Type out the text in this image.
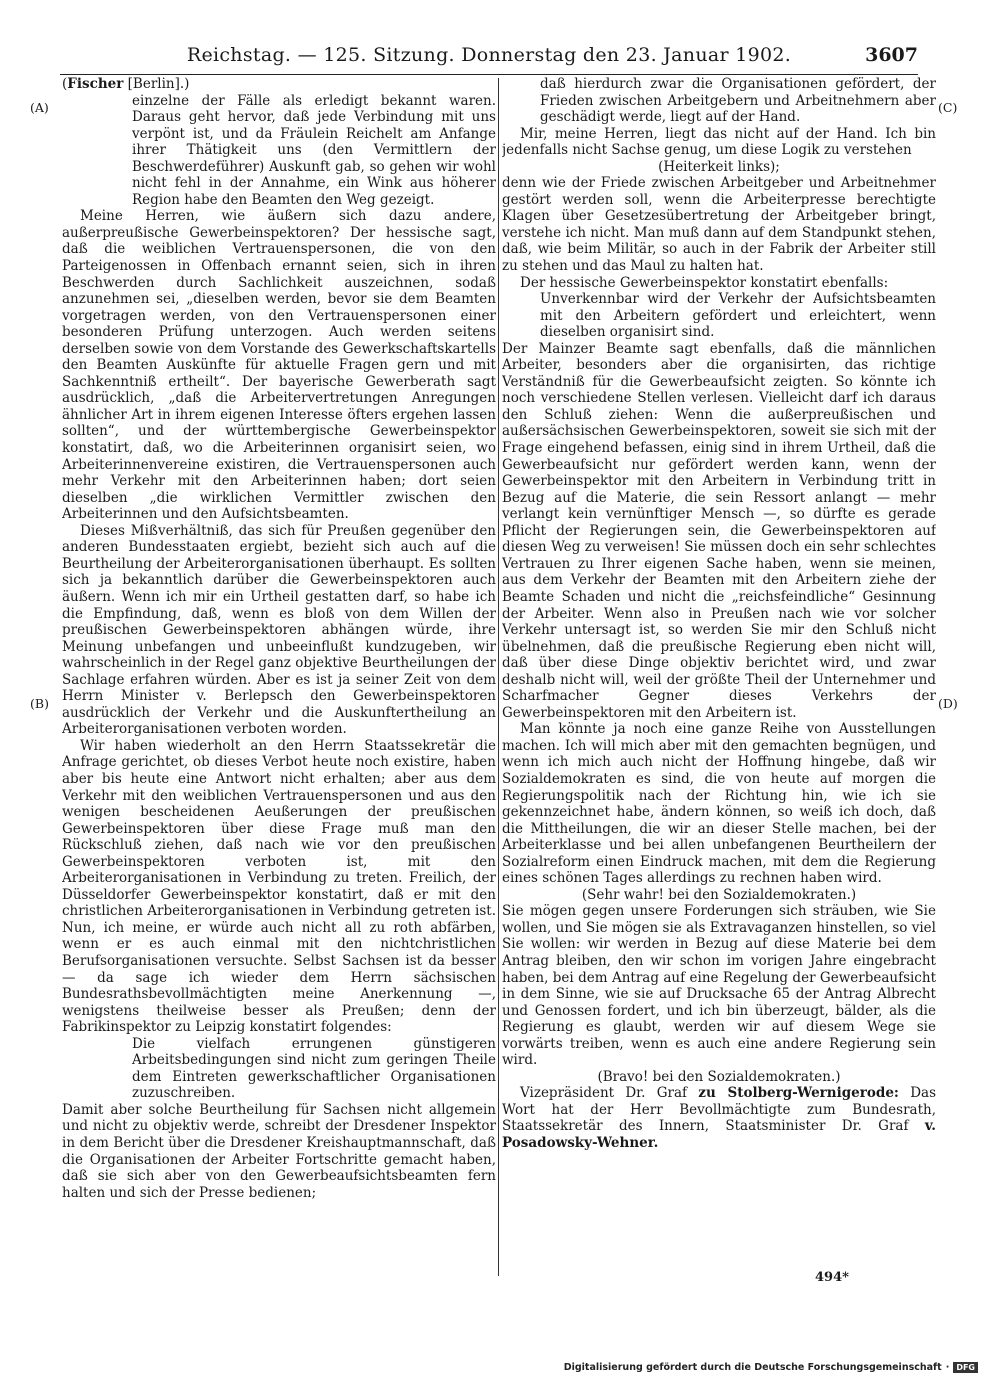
Reichstag. — 125. Sitzung. Donnerstag den 23. Januar 1902.	3607
(A)
(B)
(C)
(D)

(Fischer [Berlin].)

einzelne der Fälle als erledigt bekannt waren. Daraus geht hervor, daß jede Verbindung mit uns verpönt ist, und da Fräulein Reichelt am Anfange ihrer Thätigkeit uns (den Vermittlern der Beschwerdeführer) Auskunft gab, so gehen wir wohl nicht fehl in der Annahme, ein Wink aus höherer Region habe den Beamten den Weg gezeigt.

Meine Herren, wie äußern sich dazu andere, außerpreußische Gewerbeinspektoren? Der hessische sagt, daß die weiblichen Vertrauenspersonen, die von den Parteigenossen in Offenbach ernannt seien, sich in ihren Beschwerden durch Sachlichkeit auszeichnen, sodaß anzunehmen sei, „dieselben werden, bevor sie dem Beamten vorgetragen werden, von den Vertrauenspersonen einer besonderen Prüfung unterzogen. Auch werden seitens derselben sowie von dem Vorstande des Gewerkschaftskartells den Beamten Auskünfte für aktuelle Fragen gern und mit Sachkenntniß ertheilt“. Der bayerische Gewerberath sagt ausdrücklich, „daß die Arbeitervertretungen Anregungen ähnlicher Art in ihrem eigenen Interesse öfters ergehen lassen sollten“, und der württembergische Gewerbeinspektor konstatirt, daß, wo die Arbeiterinnen organisirt seien, wo Arbeiterinnenvereine existiren, die Vertrauenspersonen auch mehr Verkehr mit den Arbeiterinnen haben; dort seien dieselben „die wirklichen Vermittler zwischen den Arbeiterinnen und den Aufsichtsbeamten.

Dieses Mißverhältniß, das sich für Preußen gegenüber den anderen Bundesstaaten ergiebt, bezieht sich auch auf die Beurtheilung der Arbeiterorganisationen überhaupt. Es sollten sich ja bekanntlich darüber die Gewerbeinspektoren auch äußern. Wenn ich mir ein Urtheil gestatten darf, so habe ich die Empfindung, daß, wenn es bloß von dem Willen der preußischen Gewerbeinspektoren abhängen würde, ihre Meinung unbefangen und unbeeinflußt kundzugeben, wir wahrscheinlich in der Regel ganz objektive Beurtheilungen der Sachlage erfahren würden. Aber es ist ja seiner Zeit von dem Herrn Minister v. Berlepsch den Gewerbeinspektoren ausdrücklich der Verkehr und die Auskunftertheilung an Arbeiterorganisationen verboten worden.

Wir haben wiederholt an den Herrn Staatssekretär die Anfrage gerichtet, ob dieses Verbot heute noch existire, haben aber bis heute eine Antwort nicht erhalten; aber aus dem Verkehr mit den weiblichen Vertrauenspersonen und aus den wenigen bescheidenen Aeußerungen der preußischen Gewerbeinspektoren über diese Frage muß man den Rückschluß ziehen, daß nach wie vor den preußischen Gewerbeinspektoren verboten ist, mit den Arbeiterorganisationen in Verbindung zu treten. Freilich, der Düsseldorfer Gewerbeinspektor konstatirt, daß er mit den christlichen Arbeiterorganisationen in Verbindung getreten ist. Nun, ich meine, er würde auch nicht all zu roth abfärben, wenn er es auch einmal mit den nichtchristlichen Berufsorganisationen versuchte. Selbst Sachsen ist da besser — da sage ich wieder dem Herrn sächsischen Bundesrathsbevollmächtigten meine Anerkennung —, wenigstens theilweise besser als Preußen; denn der Fabrikinspektor zu Leipzig konstatirt folgendes:

Die vielfach errungenen günstigeren Arbeitsbedingungen sind nicht zum geringen Theile dem Eintreten gewerkschaftlicher Organisationen zuzuschreiben.

Damit aber solche Beurtheilung für Sachsen nicht allgemein und nicht zu objektiv werde, schreibt der Dresdener Inspektor in dem Bericht über die Dresdener Kreishauptmannschaft, daß die Organisationen der Arbeiter Fortschritte gemacht haben, daß sie sich aber von den Gewerbeaufsichtsbeamten fern halten und sich der Presse bedienen;

daß hierdurch zwar die Organisationen gefördert, der Frieden zwischen Arbeitgebern und Arbeitnehmern aber geschädigt werde, liegt auf der Hand.

Mir, meine Herren, liegt das nicht auf der Hand. Ich bin jedenfalls nicht Sachse genug, um diese Logik zu verstehen

(Heiterkeit links);

denn wie der Friede zwischen Arbeitgeber und Arbeitnehmer gestört werden soll, wenn die Arbeiterpresse berechtigte Klagen über Gesetzesübertretung der Arbeitgeber bringt, verstehe ich nicht. Man muß dann auf dem Standpunkt stehen, daß, wie beim Militär, so auch in der Fabrik der Arbeiter still zu stehen und das Maul zu halten hat.

Der hessische Gewerbeinspektor konstatirt ebenfalls:

Unverkennbar wird der Verkehr der Aufsichtsbeamten mit den Arbeitern gefördert und erleichtert, wenn dieselben organisirt sind.

Der Mainzer Beamte sagt ebenfalls, daß die männlichen Arbeiter, besonders aber die organisirten, das richtige Verständniß für die Gewerbeaufsicht zeigten. So könnte ich noch verschiedene Stellen verlesen. Vielleicht darf ich daraus den Schluß ziehen: Wenn die außerpreußischen und außersächsischen Gewerbeinspektoren, soweit sie sich mit der Frage eingehend befassen, einig sind in ihrem Urtheil, daß die Gewerbeaufsicht nur gefördert werden kann, wenn der Gewerbeinspektor mit den Arbeitern in Verbindung tritt in Bezug auf die Materie, die sein Ressort anlangt — mehr verlangt kein vernünftiger Mensch —, so dürfte es gerade Pflicht der Regierungen sein, die Gewerbeinspektoren auf diesen Weg zu verweisen! Sie müssen doch ein sehr schlechtes Vertrauen zu Ihrer eigenen Sache haben, wenn sie meinen, aus dem Verkehr der Beamten mit den Arbeitern ziehe der Beamte Schaden und nicht die „reichsfeindliche“ Gesinnung der Arbeiter. Wenn also in Preußen nach wie vor solcher Verkehr untersagt ist, so werden Sie mir den Schluß nicht übelnehmen, daß die preußische Regierung eben nicht will, daß über diese Dinge objektiv berichtet wird, und zwar deshalb nicht will, weil der größte Theil der Unternehmer und Scharfmacher Gegner dieses Verkehrs der Gewerbeinspektoren mit den Arbeitern ist.

Man könnte ja noch eine ganze Reihe von Ausstellungen machen. Ich will mich aber mit den gemachten begnügen, und wenn ich mich auch nicht der Hoffnung hingebe, daß wir Sozialdemokraten es sind, die von heute auf morgen die Regierungspolitik nach der Richtung hin, wie ich sie gekennzeichnet habe, ändern können, so weiß ich doch, daß die Mittheilungen, die wir an dieser Stelle machen, bei der Arbeiterklasse und bei allen unbefangenen Beurtheilern der Sozialreform einen Eindruck machen, mit dem die Regierung eines schönen Tages allerdings zu rechnen haben wird.

(Sehr wahr! bei den Sozialdemokraten.)

Sie mögen gegen unsere Forderungen sich sträuben, wie Sie wollen, und Sie mögen sie als Extravaganzen hinstellen, so viel Sie wollen: wir werden in Bezug auf diese Materie bei dem Antrag bleiben, den wir schon im vorigen Jahre eingebracht haben, bei dem Antrag auf eine Regelung der Gewerbeaufsicht in dem Sinne, wie sie auf Drucksache 65 der Antrag Albrecht und Genossen fordert, und ich bin überzeugt, bälder, als die Regierung es glaubt, werden wir auf diesem Wege sie vorwärts treiben, wenn es auch eine andere Regierung sein wird.

(Bravo! bei den Sozialdemokraten.)

Vizepräsident Dr. Graf zu Stolberg-Wernigerode: Das Wort hat der Herr Bevollmächtigte zum Bundesrath, Staatssekretär des Innern, Staatsminister Dr. Graf v. Posadowsky-Wehner.

494*
Digitalisierung gefördert durch die Deutsche Forschungsgemeinschaft · DFG
